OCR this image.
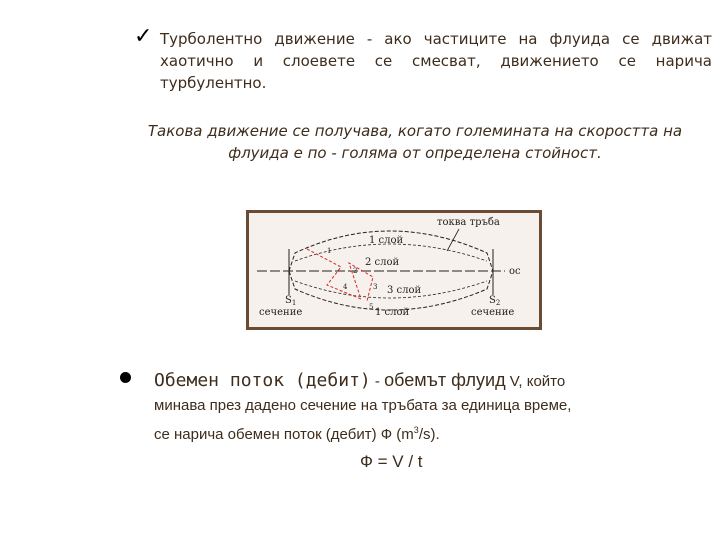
✓ Турболентно движение - ако частиците на флуида се движат хаотично и слоевете се смесват, движението се нарича турбулентно.
Такова движение се получава, когато големината на скоростта на флуида е по - голяма от определена стойност.
токва тръба
1 слой
2 слой
3 слой
1 слой
1
2
3
4
5
ос
$S_1$	$S_2$
сечение	сечение
Обемен поток (дебит) - обемът флуид V, който
минава през дадено сечение на тръбата за единица време,
се нарича обемен поток (дебит) Ф $(m^3/s)$.
Ф = V / t
